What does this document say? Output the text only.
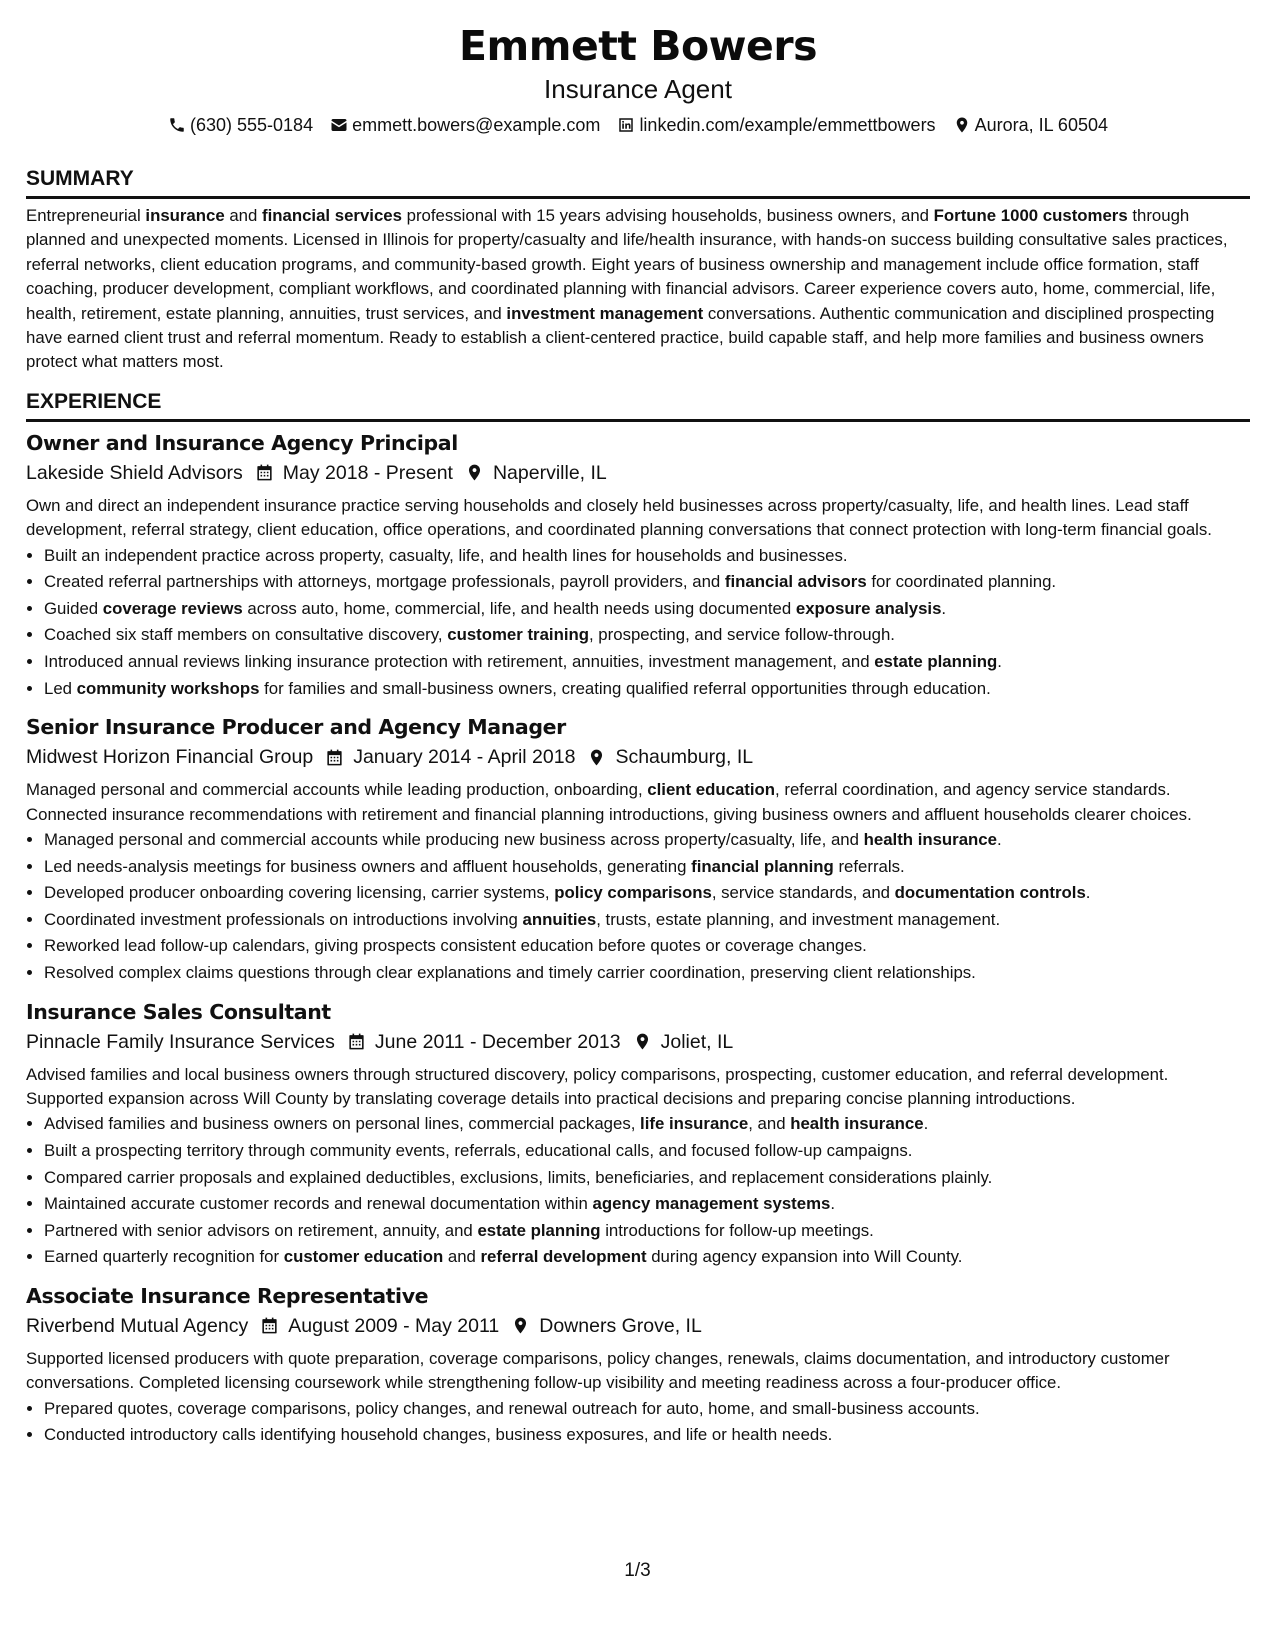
Emmett Bowers
Insurance Agent
(630) 555-0184 emmett.bowers@example.com linkedin.com/example/emmettbowers Aurora, IL 60504
SUMMARY
Entrepreneurial insurance and financial services professional with 15 years advising households, business owners, and Fortune 1000 customers through planned and unexpected moments. Licensed in Illinois for property/casualty and life/health insurance, with hands-on success building consultative sales practices, referral networks, client education programs, and community-based growth. Eight years of business ownership and management include office formation, staff coaching, producer development, compliant workflows, and coordinated planning with financial advisors. Career experience covers auto, home, commercial, life, health, retirement, estate planning, annuities, trust services, and investment management conversations. Authentic communication and disciplined prospecting have earned client trust and referral momentum. Ready to establish a client-centered practice, build capable staff, and help more families and business owners protect what matters most.
EXPERIENCE
Owner and Insurance Agency Principal
Lakeside Shield Advisors May 2018 - Present Naperville, IL
Own and direct an independent insurance practice serving households and closely held businesses across property/casualty, life, and health lines. Lead staff development, referral strategy, client education, office operations, and coordinated planning conversations that connect protection with long-term financial goals.
• Built an independent practice across property, casualty, life, and health lines for households and businesses.
• Created referral partnerships with attorneys, mortgage professionals, payroll providers, and financial advisors for coordinated planning.
• Guided coverage reviews across auto, home, commercial, life, and health needs using documented exposure analysis.
• Coached six staff members on consultative discovery, customer training, prospecting, and service follow-through.
• Introduced annual reviews linking insurance protection with retirement, annuities, investment management, and estate planning.
• Led community workshops for families and small-business owners, creating qualified referral opportunities through education.
Senior Insurance Producer and Agency Manager
Midwest Horizon Financial Group January 2014 - April 2018 Schaumburg, IL
Managed personal and commercial accounts while leading production, onboarding, client education, referral coordination, and agency service standards. Connected insurance recommendations with retirement and financial planning introductions, giving business owners and affluent households clearer choices.
• Managed personal and commercial accounts while producing new business across property/casualty, life, and health insurance.
• Led needs-analysis meetings for business owners and affluent households, generating financial planning referrals.
• Developed producer onboarding covering licensing, carrier systems, policy comparisons, service standards, and documentation controls.
• Coordinated investment professionals on introductions involving annuities, trusts, estate planning, and investment management.
• Reworked lead follow-up calendars, giving prospects consistent education before quotes or coverage changes.
• Resolved complex claims questions through clear explanations and timely carrier coordination, preserving client relationships.
Insurance Sales Consultant
Pinnacle Family Insurance Services June 2011 - December 2013 Joliet, IL
Advised families and local business owners through structured discovery, policy comparisons, prospecting, customer education, and referral development. Supported expansion across Will County by translating coverage details into practical decisions and preparing concise planning introductions.
• Advised families and business owners on personal lines, commercial packages, life insurance, and health insurance.
• Built a prospecting territory through community events, referrals, educational calls, and focused follow-up campaigns.
• Compared carrier proposals and explained deductibles, exclusions, limits, beneficiaries, and replacement considerations plainly.
• Maintained accurate customer records and renewal documentation within agency management systems.
• Partnered with senior advisors on retirement, annuity, and estate planning introductions for follow-up meetings.
• Earned quarterly recognition for customer education and referral development during agency expansion into Will County.
Associate Insurance Representative
Riverbend Mutual Agency August 2009 - May 2011 Downers Grove, IL
Supported licensed producers with quote preparation, coverage comparisons, policy changes, renewals, claims documentation, and introductory customer conversations. Completed licensing coursework while strengthening follow-up visibility and meeting readiness across a four-producer office.
• Prepared quotes, coverage comparisons, policy changes, and renewal outreach for auto, home, and small-business accounts.
• Conducted introductory calls identifying household changes, business exposures, and life or health needs.
1/3
